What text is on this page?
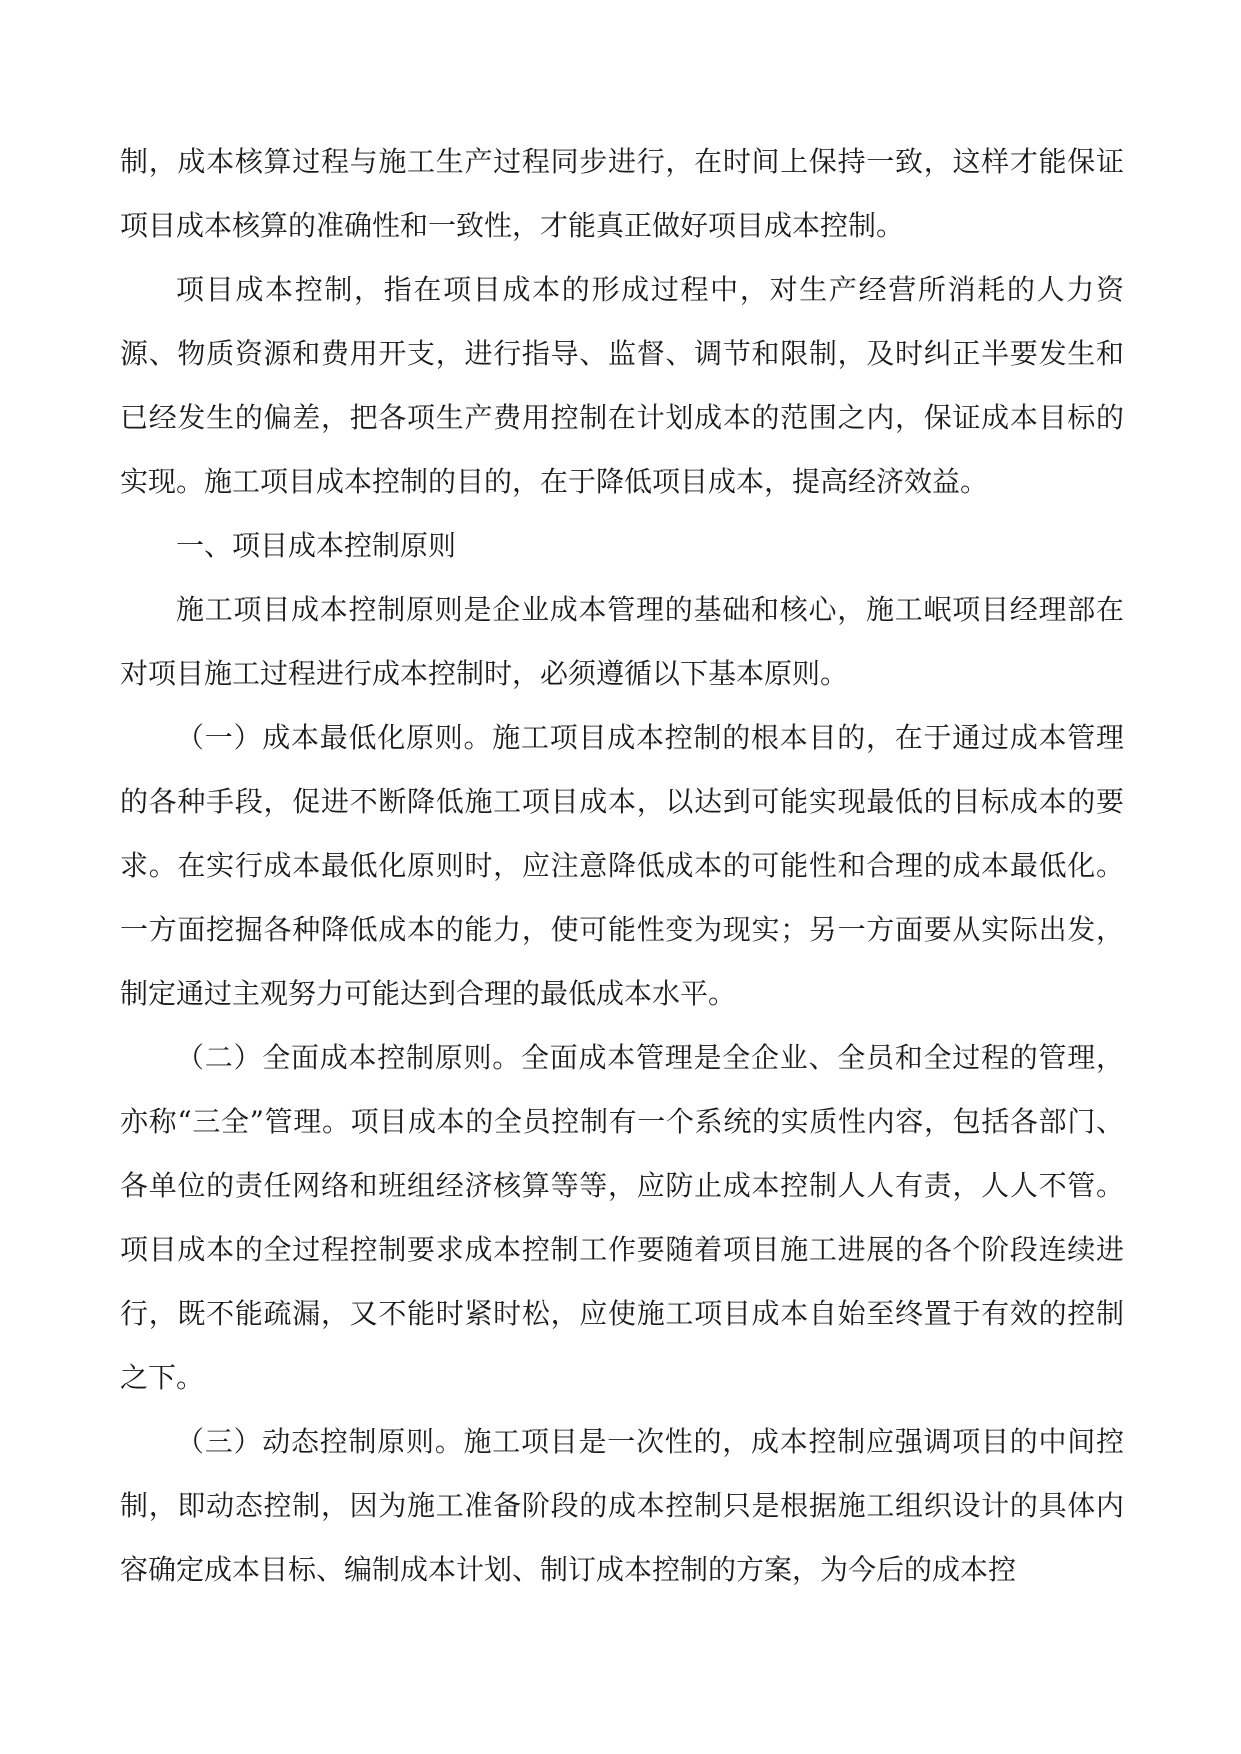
制，成本核算过程与施工生产过程同步进行，在时间上保持一致，这样才能保证项目成本核算的准确性和一致性，才能真正做好项目成本控制。

项目成本控制，指在项目成本的形成过程中，对生产经营所消耗的人力资源、物质资源和费用开支，进行指导、监督、调节和限制，及时纠正半要发生和已经发生的偏差，把各项生产费用控制在计划成本的范围之内，保证成本目标的实现。施工项目成本控制的目的，在于降低项目成本，提高经济效益。

一、项目成本控制原则

施工项目成本控制原则是企业成本管理的基础和核心，施工岷项目经理部在对项目施工过程进行成本控制时，必须遵循以下基本原则。

（一）成本最低化原则。施工项目成本控制的根本目的，在于通过成本管理的各种手段，促进不断降低施工项目成本，以达到可能实现最低的目标成本的要求。在实行成本最低化原则时，应注意降低成本的可能性和合理的成本最低化。一方面挖掘各种降低成本的能力，使可能性变为现实；另一方面要从实际出发，制定通过主观努力可能达到合理的最低成本水平。

（二）全面成本控制原则。全面成本管理是全企业、全员和全过程的管理，亦称“三全”管理。项目成本的全员控制有一个系统的实质性内容，包括各部门、各单位的责任网络和班组经济核算等等，应防止成本控制人人有责，人人不管。项目成本的全过程控制要求成本控制工作要随着项目施工进展的各个阶段连续进行，既不能疏漏，又不能时紧时松，应使施工项目成本自始至终置于有效的控制之下。

（三）动态控制原则。施工项目是一次性的，成本控制应强调项目的中间控制，即动态控制，因为施工准备阶段的成本控制只是根据施工组织设计的具体内容确定成本目标、编制成本计划、制订成本控制的方案，为今后的成本控
